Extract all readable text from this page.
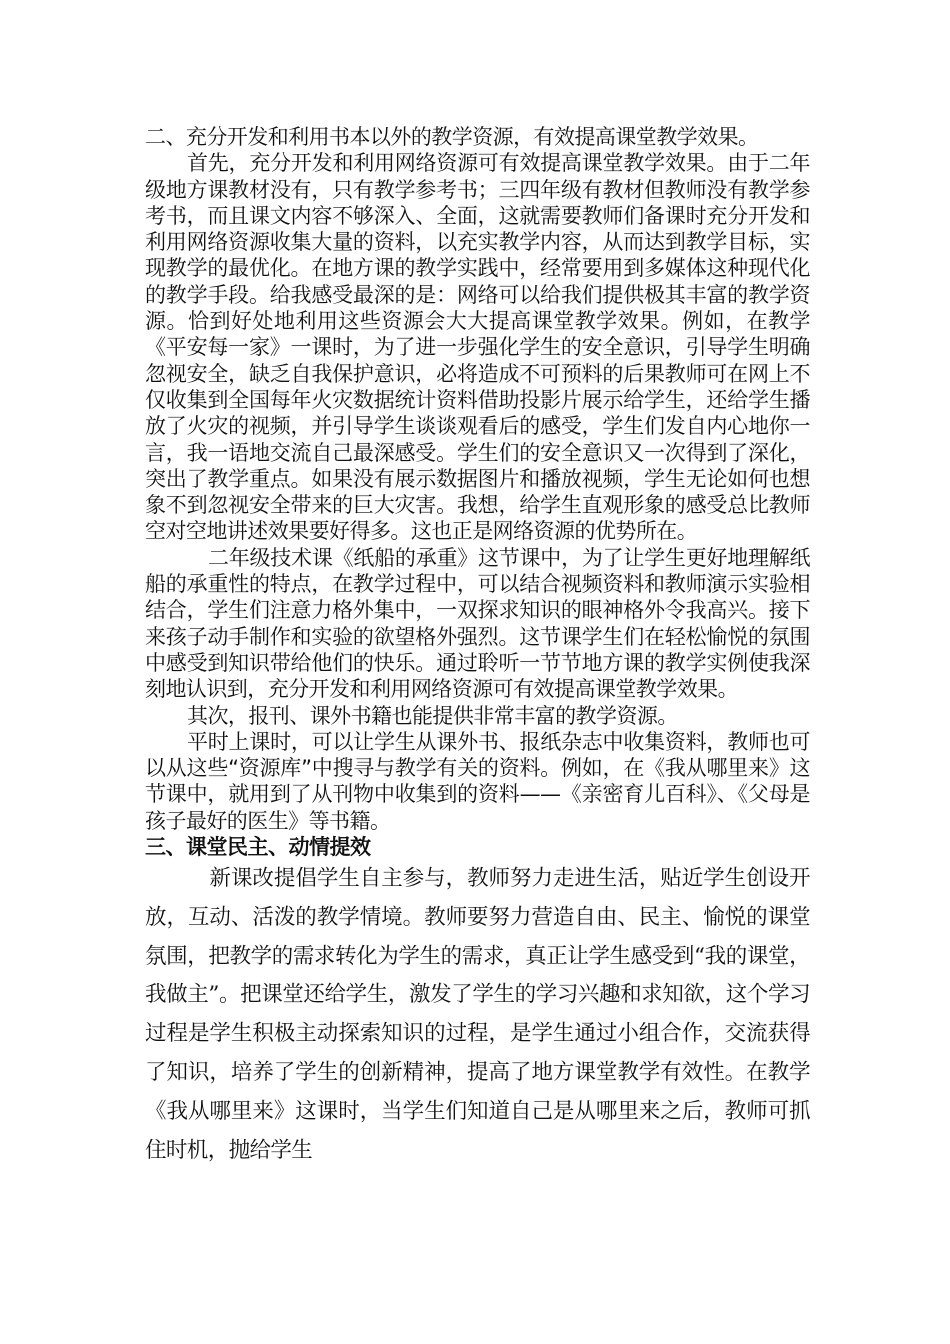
二、充分开发和利用书本以外的教学资源，有效提高课堂教学效果。

首先，充分开发和利用网络资源可有效提高课堂教学效果。由于二年级地方课教材没有，只有教学参考书；三四年级有教材但教师没有教学参考书，而且课文内容不够深入、全面，这就需要教师们备课时充分开发和利用网络资源收集大量的资料，以充实教学内容，从而达到教学目标，实现教学的最优化。在地方课的教学实践中，经常要用到多媒体这种现代化的教学手段。给我感受最深的是：网络可以给我们提供极其丰富的教学资源。恰到好处地利用这些资源会大大提高课堂教学效果。例如，在教学《平安每一家》一课时，为了进一步强化学生的安全意识，引导学生明确忽视安全，缺乏自我保护意识，必将造成不可预料的后果教师可在网上不仅收集到全国每年火灾数据统计资料借助投影片展示给学生，还给学生播放了火灾的视频，并引导学生谈谈观看后的感受，学生们发自内心地你一言，我一语地交流自己最深感受。学生们的安全意识又一次得到了深化，突出了教学重点。如果没有展示数据图片和播放视频，学生无论如何也想象不到忽视安全带来的巨大灾害。我想，给学生直观形象的感受总比教师空对空地讲述效果要好得多。这也正是网络资源的优势所在。

二年级技术课《纸船的承重》这节课中，为了让学生更好地理解纸船的承重性的特点，在教学过程中，可以结合视频资料和教师演示实验相结合，学生们注意力格外集中，一双探求知识的眼神格外令我高兴。接下来孩子动手制作和实验的欲望格外强烈。这节课学生们在轻松愉悦的氛围中感受到知识带给他们的快乐。通过聆听一节节地方课的教学实例使我深刻地认识到，充分开发和利用网络资源可有效提高课堂教学效果。

其次，报刊、课外书籍也能提供非常丰富的教学资源。

平时上课时，可以让学生从课外书、报纸杂志中收集资料，教师也可以从这些“资源库”中搜寻与教学有关的资料。例如，在《我从哪里来》这节课中，就用到了从刊物中收集到的资料——《亲密育儿百科》、《父母是孩子最好的医生》等书籍。

三、课堂民主、动情提效

新课改提倡学生自主参与，教师努力走进生活，贴近学生创设开放，互动、活泼的教学情境。教师要努力营造自由、民主、愉悦的课堂氛围，把教学的需求转化为学生的需求，真正让学生感受到“我的课堂，我做主”。把课堂还给学生，激发了学生的学习兴趣和求知欲，这个学习过程是学生积极主动探索知识的过程，是学生通过小组合作，交流获得了知识，培养了学生的创新精神，提高了地方课堂教学有效性。在教学《我从哪里来》这课时，当学生们知道自己是从哪里来之后，教师可抓住时机，抛给学生
